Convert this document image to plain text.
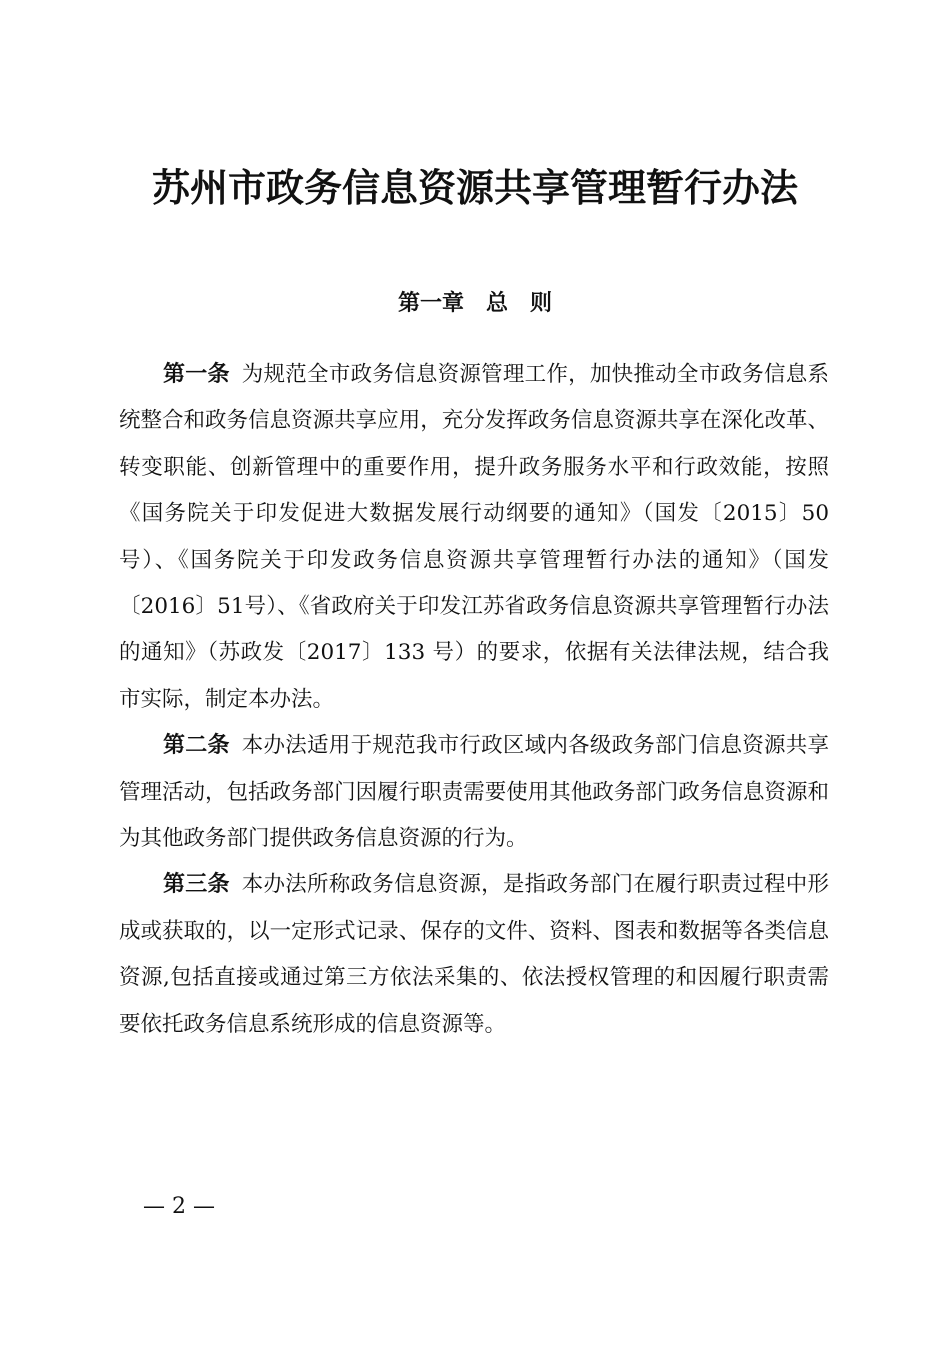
苏州市政务信息资源共享管理暂行办法
第一章　总　则

第一条 为规范全市政务信息资源管理工作，加快推动全市政务信息系统整合和政务信息资源共享应用，充分发挥政务信息资源共享在深化改革、转变职能、创新管理中的重要作用，提升政务服务水平和行政效能，按照《国务院关于印发促进大数据发展行动纲要的通知》（国发〔2015〕50号）、《国务院关于印发政务信息资源共享管理暂行办法的通知》（国发〔2016〕51号）、《省政府关于印发江苏省政务信息资源共享管理暂行办法的通知》（苏政发〔2017〕133 号）的要求，依据有关法律法规，结合我市实际，制定本办法。

第二条 本办法适用于规范我市行政区域内各级政务部门信息资源共享管理活动，包括政务部门因履行职责需要使用其他政务部门政务信息资源和为其他政务部门提供政务信息资源的行为。

第三条 本办法所称政务信息资源，是指政务部门在履行职责过程中形成或获取的，以一定形式记录、保存的文件、资料、图表和数据等各类信息资源,包括直接或通过第三方依法采集的、依法授权管理的和因履行职责需要依托政务信息系统形成的信息资源等。

— 2 —
